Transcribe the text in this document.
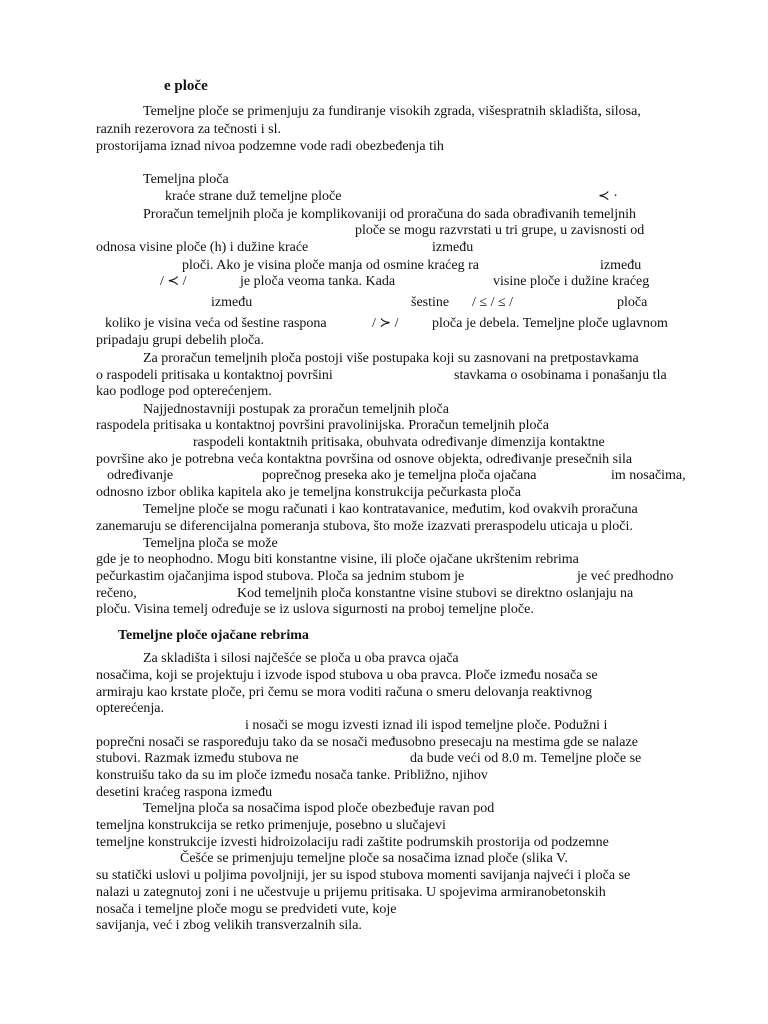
e ploče
Temeljne ploče se primenjuju za fundiranje visokih zgrada, višespratnih skladišta, silosa,
raznih rezerovora za tečnosti i sl.
prostorijama iznad nivoa podzemne vode radi obezbeđenja tih
Temeljna ploča
kraće strane duž temeljne ploče	≺ ·
Proračun temeljnih ploča je komplikovaniji od proračuna do sada obrađivanih temeljnih
ploče se mogu razvrstati u tri grupe, u zavisnosti od
odnosa visine ploče (h) i dužine kraće	između
ploči. Ako je visina ploče manja od osmine kraćeg ra	između
/ ≺ /	je ploča veoma tanka. Kada	visine ploče i dužine kraćeg
između	šestine / ≤ / ≤ /	ploča
koliko je visina veća od šestine raspona	/ ≻ / ploča je debela. Temeljne ploče uglavnom
pripadaju grupi debelih ploča.
Za proračun temeljnih ploča postoji više postupaka koji su zasnovani na pretpostavkama
o raspodeli pritisaka u kontaktnoj površini	stavkama o osobinama i ponašanju tla
kao podloge pod opterećenjem.
Najjednostavniji postupak za proračun temeljnih ploča
raspodela pritisaka u kontaktnoj površini pravolinijska. Proračun temeljnih ploča
raspodeli kontaktnih pritisaka, obuhvata određivanje dimenzija kontaktne
površine ako je potrebna veća kontaktna površina od osnove objekta, određivanje presečnih sila
određivanje	poprečnog preseka ako je temeljna ploča ojačana	im nosačima,
odnosno izbor oblika kapitela ako je temeljna konstrukcija pečurkasta ploča
Temeljne ploče se mogu računati i kao kontratavanice, međutim, kod ovakvih proračuna
zanemaruju se diferencijalna pomeranja stubova, što može izazvati preraspodelu uticaja u ploči.
Temeljna ploča se može
gde je to neophodno. Mogu biti konstantne visine, ili ploče ojačane ukrštenim rebrima
pečurkastim ojačanjima ispod stubova. Ploča sa jednim stubom je	je već predhodno
rečeno,	Kod temeljnih ploča konstantne visine stubovi se direktno oslanjaju na
ploču. Visina temelj određuje se iz uslova sigurnosti na proboj temeljne ploče.
Temeljne ploče ojačane rebrima
Za skladišta i silosi najčešće se ploča u oba pravca ojača
nosačima, koji se projektuju i izvode ispod stubova u oba pravca. Ploče između nosača se
armiraju kao krstate ploče, pri čemu se mora voditi računa o smeru delovanja reaktivnog
opterećenja.
i nosači se mogu izvesti iznad ili ispod temeljne ploče. Podužni i
poprečni nosači se raspoređuju tako da se nosači međusobno presecaju na mestima gde se nalaze
stubovi. Razmak između stubova ne	da bude veći od 8.0 m. Temeljne ploče se
konstruišu tako da su im ploče između nosača tanke. Približno, njihov
desetini kraćeg raspona između
Temeljna ploča sa nosačima ispod ploče obezbeđuje ravan pod
temeljna konstrukcija se retko primenjuje, posebno u slučajevi
temeljne konstrukcije izvesti hidroizolaciju radi zaštite podrumskih prostorija od podzemne
Češće se primenjuju temeljne ploče sa nosačima iznad ploče (slika V.
su statički uslovi u poljima povoljniji, jer su ispod stubova momenti savijanja najveći i ploča se
nalazi u zategnutoj zoni i ne učestvuje u prijemu pritisaka. U spojevima armiranobetonskih
nosača i temeljne ploče mogu se predvideti vute, koje
savijanja, već i zbog velikih transverzalnih sila.
